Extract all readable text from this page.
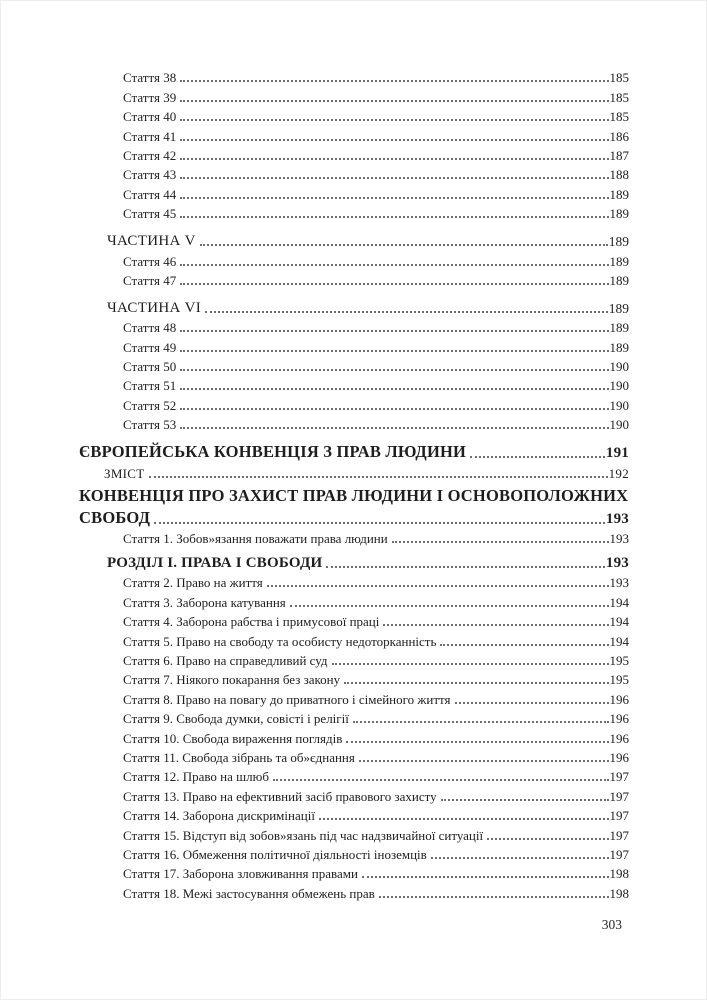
Стаття 38	185
Стаття 39	185
Стаття 40	185
Стаття 41	186
Стаття 42	187
Стаття 43	188
Стаття 44	189
Стаття 45	189
ЧАСТИНА V	189
Стаття 46	189
Стаття 47	189
ЧАСТИНА VI	189
Стаття 48	189
Стаття 49	189
Стаття 50	190
Стаття 51	190
Стаття 52	190
Стаття 53	190
ЄВРОПЕЙСЬКА КОНВЕНЦІЯ З ПРАВ ЛЮДИНИ	191
ЗМІСТ	192
КОНВЕНЦІЯ ПРО ЗАХИСТ ПРАВ ЛЮДИНИ І ОСНОВОПОЛОЖНИХ
СВОБОД	193
Стаття 1. Зобов»язання поважати права людини	193
РОЗДІЛ І. ПРАВА І СВОБОДИ	193
Стаття 2. Право на життя	193
Стаття 3. Заборона катування	194
Стаття 4. Заборона рабства і примусової праці	194
Стаття 5. Право на свободу та особисту недоторканність	194
Стаття 6. Право на справедливий суд	195
Стаття 7. Ніякого покарання без закону	195
Стаття 8. Право на повагу до приватного і сімейного життя	196
Стаття 9. Свобода думки, совісті і релігії	196
Стаття 10. Свобода вираження поглядів	196
Стаття 11. Свобода зібрань та об»єднання	196
Стаття 12. Право на шлюб	197
Стаття 13. Право на ефективний засіб правового захисту	197
Стаття 14. Заборона дискримінації	197
Стаття 15. Відступ від зобов»язань під час надзвичайної ситуації	197
Стаття 16. Обмеження політичної діяльності іноземців	197
Стаття 17. Заборона зловживання правами	198
Стаття 18. Межі застосування обмежень прав	198
303
